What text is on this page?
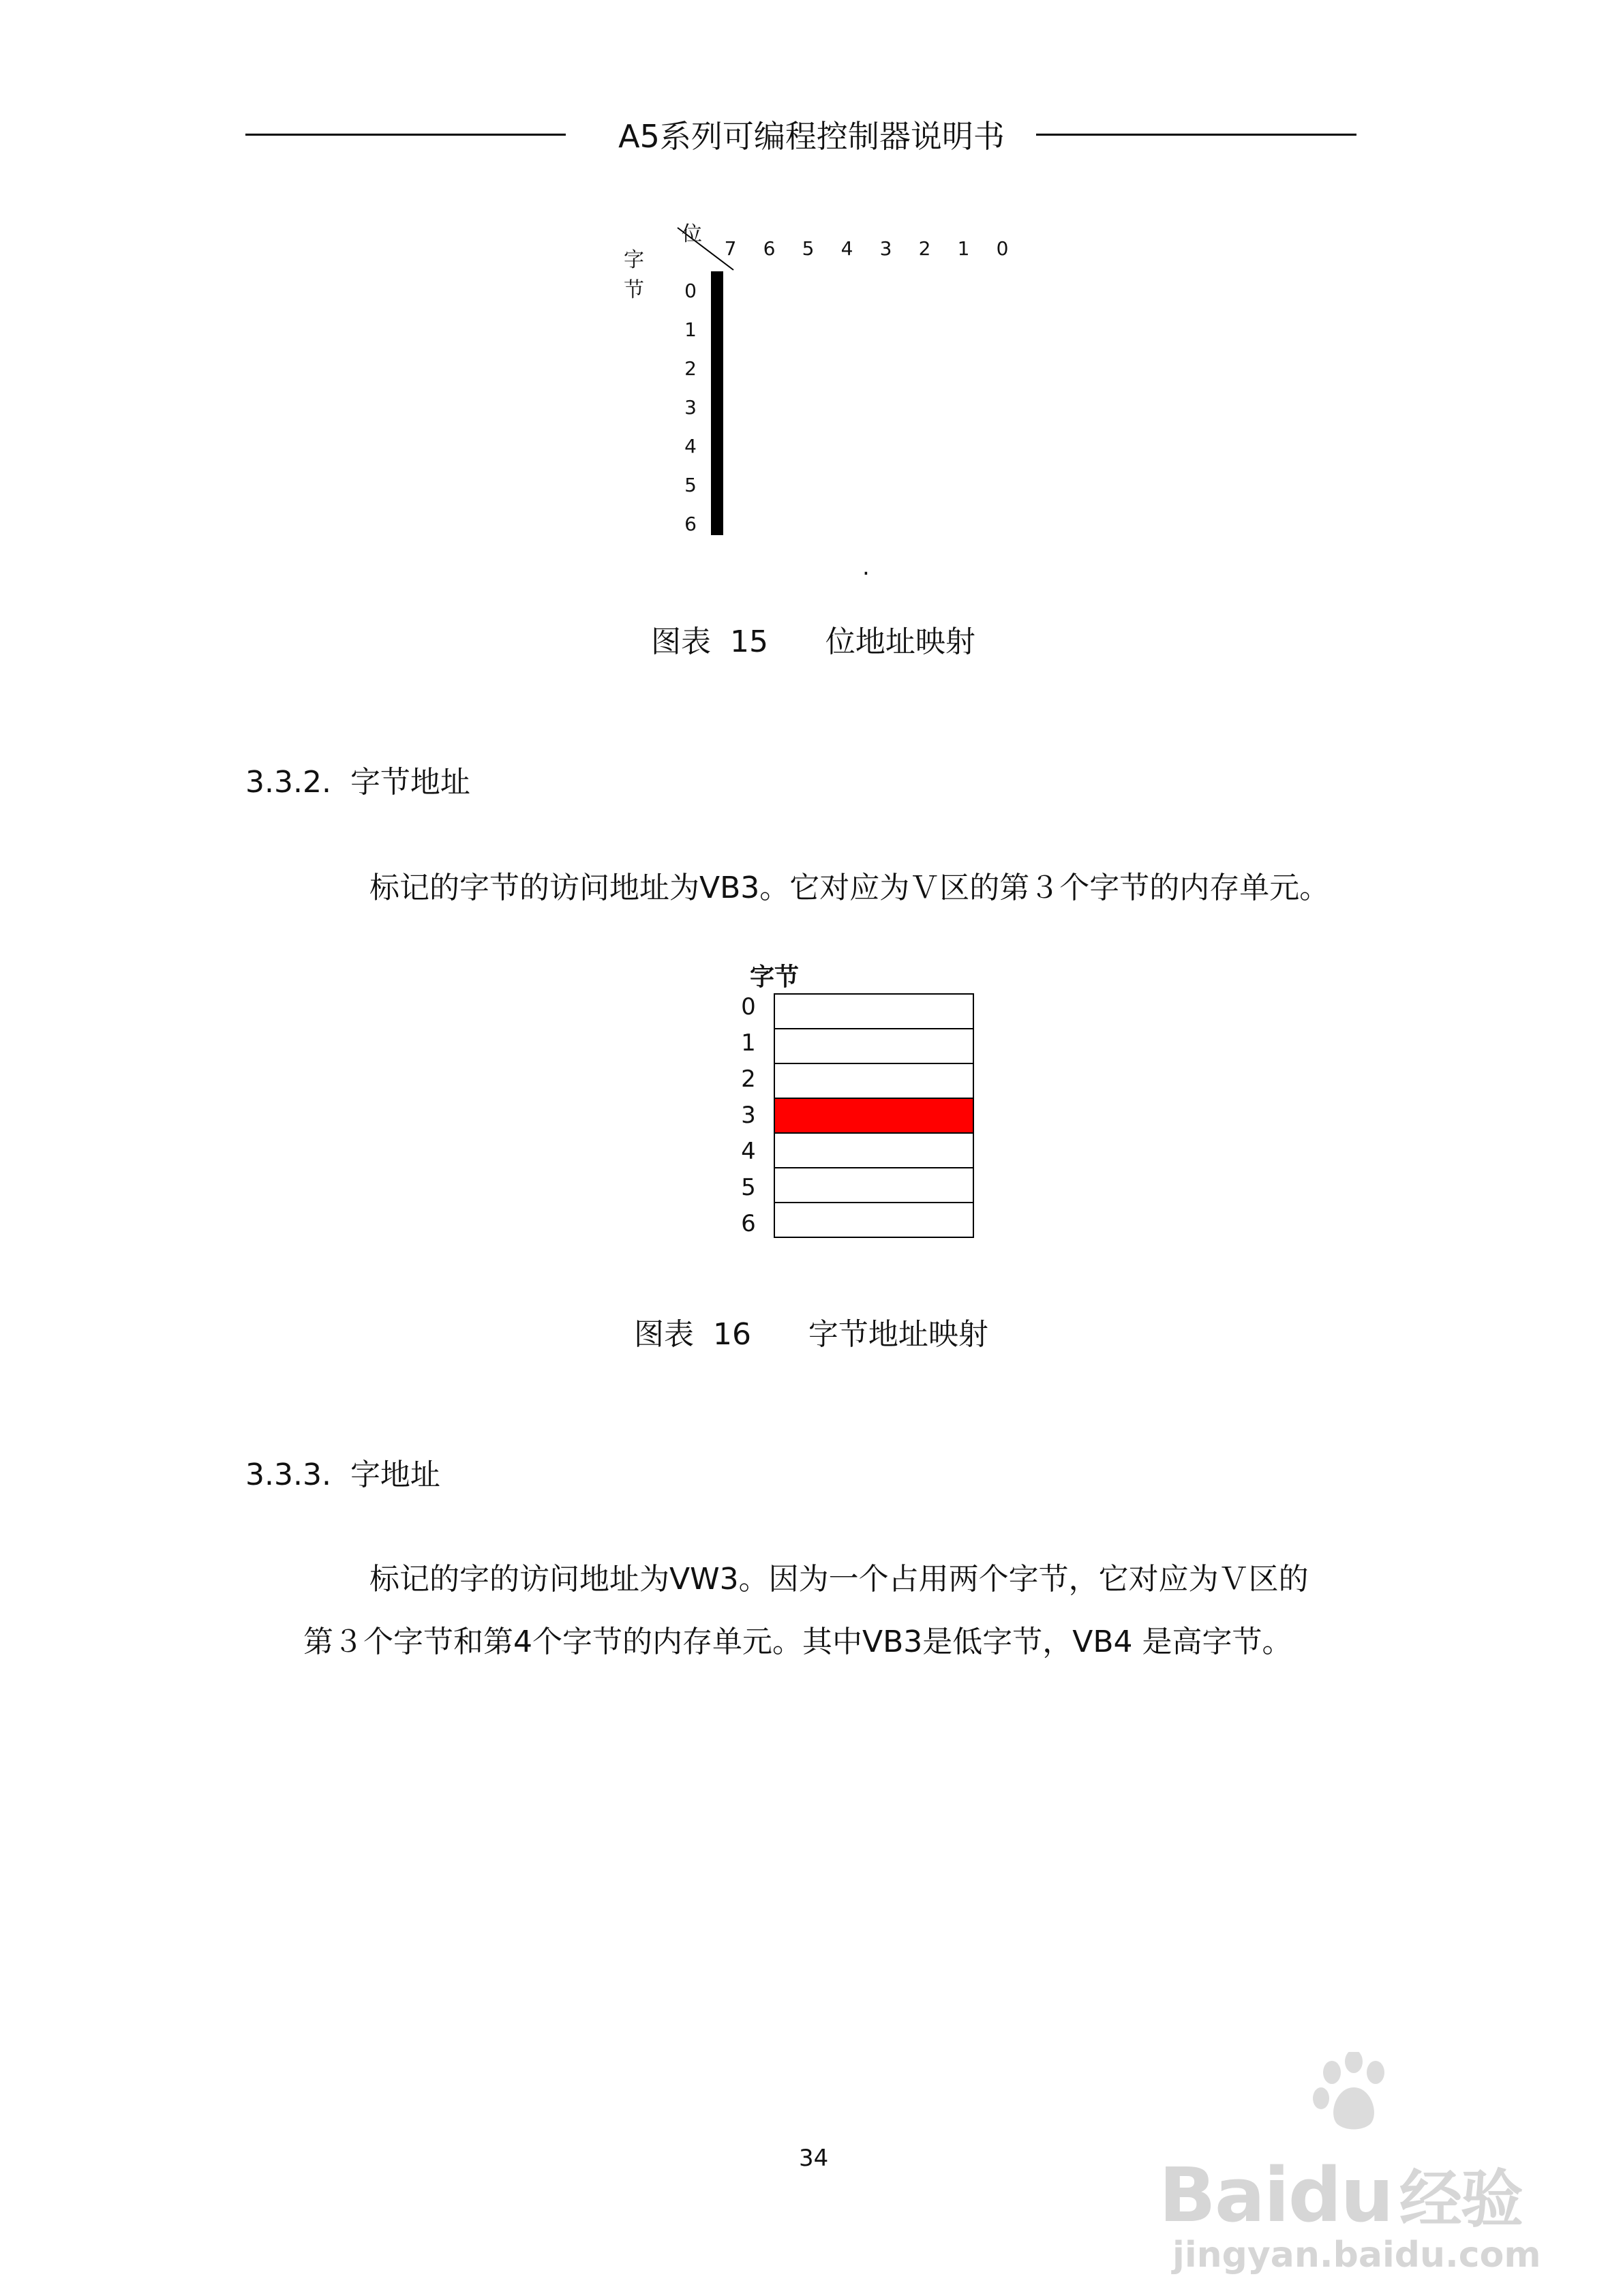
A5系列可编程控制器说明书
位
字节
7	6	5	4	3	2	1	0
0
1
2
3
4
5
6

.
图表 15 位地址映射
3.3.2. 字节地址
标记的字节的访问地址为VB3。它对应为Ｖ区的第３个字节的内存单元。
字节
0
1
2
3
4
5
6

图表 16 字节地址映射
3.3.3. 字地址
标记的字的访问地址为VW3。因为一个占用两个字节，它对应为Ｖ区的
第３个字节和第4个字节的内存单元。其中VB3是低字节，VB4 是高字节。
34	Baidu 经验
jingyan.baidu.com
